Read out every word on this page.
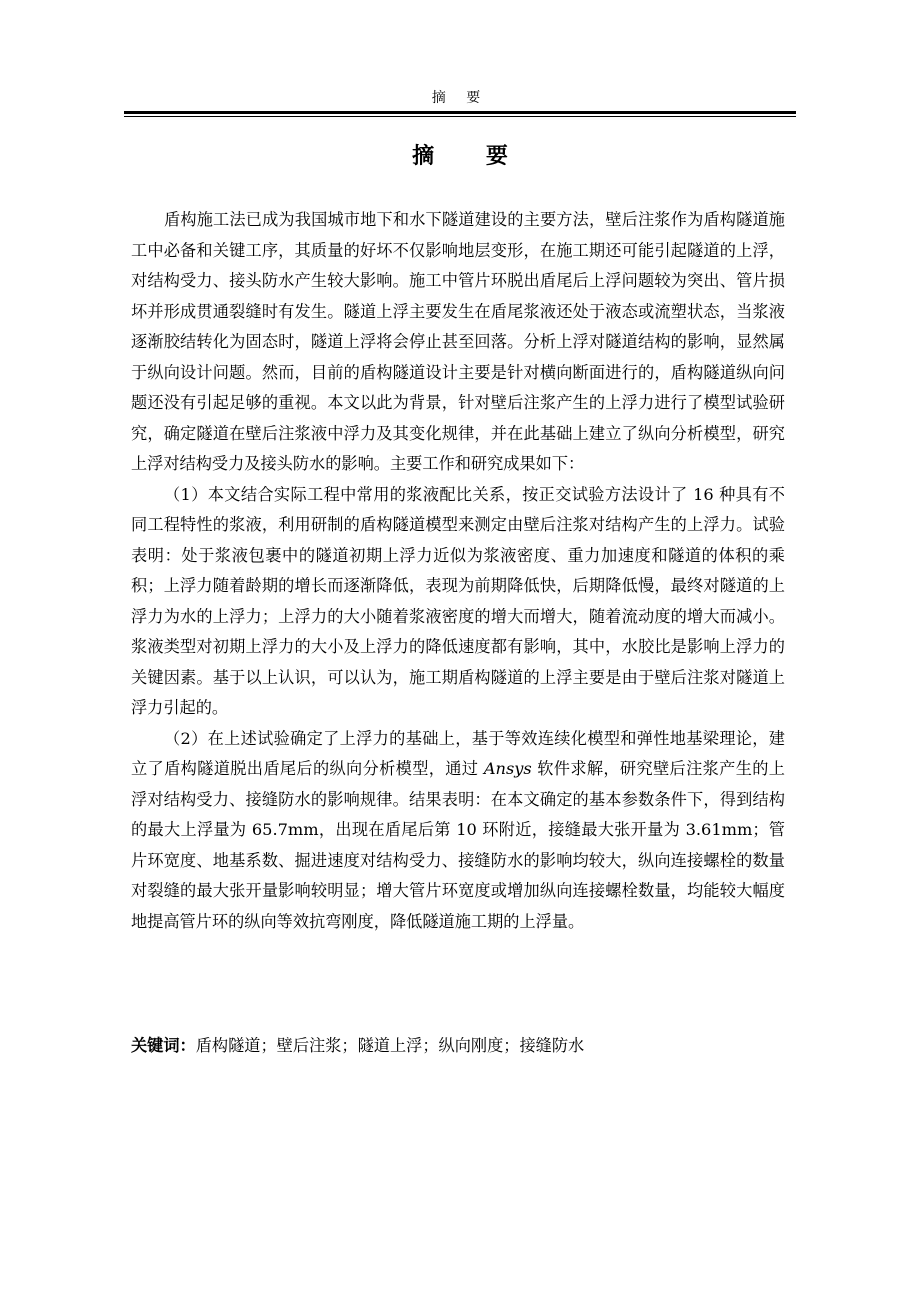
摘 要
摘 要

盾构施工法已成为我国城市地下和水下隧道建设的主要方法，壁后注浆作为盾构隧道施工中必备和关键工序，其质量的好坏不仅影响地层变形，在施工期还可能引起隧道的上浮，对结构受力、接头防水产生较大影响。施工中管片环脱出盾尾后上浮问题较为突出、管片损坏并形成贯通裂缝时有发生。隧道上浮主要发生在盾尾浆液还处于液态或流塑状态，当浆液逐渐胶结转化为固态时，隧道上浮将会停止甚至回落。分析上浮对隧道结构的影响，显然属于纵向设计问题。然而，目前的盾构隧道设计主要是针对横向断面进行的，盾构隧道纵向问题还没有引起足够的重视。本文以此为背景，针对壁后注浆产生的上浮力进行了模型试验研究，确定隧道在壁后注浆液中浮力及其变化规律，并在此基础上建立了纵向分析模型，研究上浮对结构受力及接头防水的影响。主要工作和研究成果如下：

（1）本文结合实际工程中常用的浆液配比关系，按正交试验方法设计了 16 种具有不同工程特性的浆液，利用研制的盾构隧道模型来测定由壁后注浆对结构产生的上浮力。试验表明：处于浆液包裹中的隧道初期上浮力近似为浆液密度、重力加速度和隧道的体积的乘积；上浮力随着龄期的增长而逐渐降低，表现为前期降低快，后期降低慢，最终对隧道的上浮力为水的上浮力；上浮力的大小随着浆液密度的增大而增大，随着流动度的增大而减小。浆液类型对初期上浮力的大小及上浮力的降低速度都有影响，其中，水胶比是影响上浮力的关键因素。基于以上认识，可以认为，施工期盾构隧道的上浮主要是由于壁后注浆对隧道上浮力引起的。

（2）在上述试验确定了上浮力的基础上，基于等效连续化模型和弹性地基梁理论，建立了盾构隧道脱出盾尾后的纵向分析模型，通过 Ansys 软件求解，研究壁后注浆产生的上浮对结构受力、接缝防水的影响规律。结果表明：在本文确定的基本参数条件下，得到结构的最大上浮量为 65.7mm，出现在盾尾后第 10 环附近，接缝最大张开量为 3.61mm；管片环宽度、地基系数、掘进速度对结构受力、接缝防水的影响均较大，纵向连接螺栓的数量对裂缝的最大张开量影响较明显；增大管片环宽度或增加纵向连接螺栓数量，均能较大幅度地提高管片环的纵向等效抗弯刚度，降低隧道施工期的上浮量。

关键词：盾构隧道；壁后注浆；隧道上浮；纵向刚度；接缝防水
